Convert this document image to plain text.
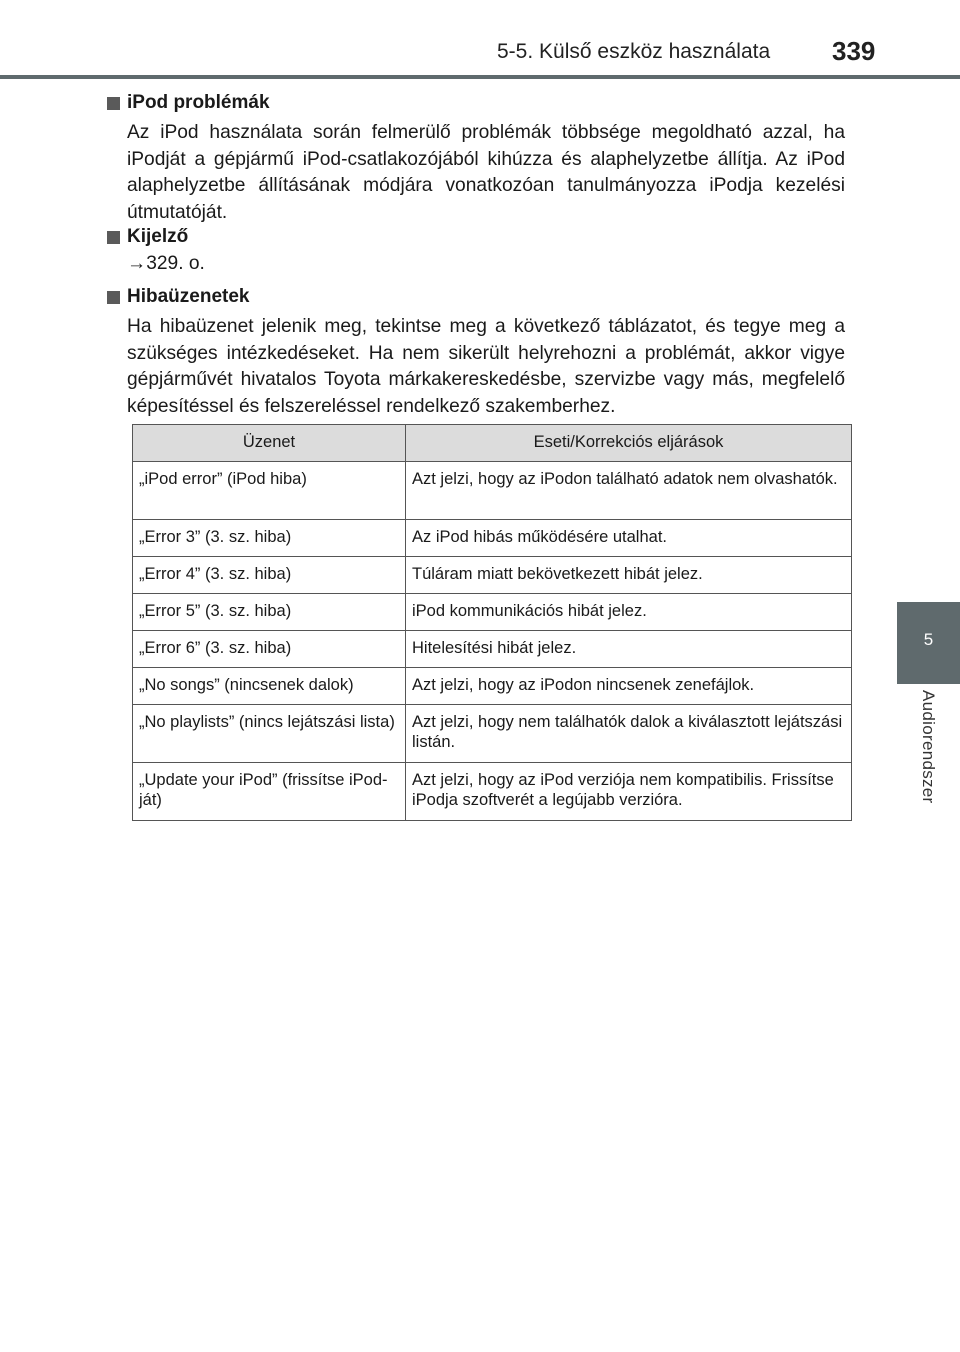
5-5. Külső eszköz használata 339
5
Audiorendszer
iPod problémák
Az iPod használata során felmerülő problémák többsége megoldható azzal, ha iPodját a gépjármű iPod-csatlakozójából kihúzza és alaphelyzetbe állítja. Az iPod alaphelyzetbe állításának módjára vonatkozóan tanulmányozza iPodja kezelési útmutatóját.
Kijelző
→329. o.
Hibaüzenetek
Ha hibaüzenet jelenik meg, tekintse meg a következő táblázatot, és tegye meg a szükséges intézkedéseket. Ha nem sikerült helyrehozni a problémát, akkor vigye gépjárművét hivatalos Toyota márkakereskedésbe, szervizbe vagy más, megfelelő képesítéssel és felszereléssel rendelkező szakemberhez.
Üzenet	Eseti/Korrekciós eljárások
„iPod error” (iPod hiba)	Azt jelzi, hogy az iPodon található adatok nem olvashatók.
„Error 3” (3. sz. hiba)	Az iPod hibás működésére utalhat.
„Error 4” (3. sz. hiba)	Túláram miatt bekövetkezett hibát jelez.
„Error 5” (3. sz. hiba)	iPod kommunikációs hibát jelez.
„Error 6” (3. sz. hiba)	Hitelesítési hibát jelez.
„No songs” (nincsenek dalok)	Azt jelzi, hogy az iPodon nincsenek zenefájlok.
„No playlists” (nincs lejátszási lista)	Azt jelzi, hogy nem találhatók dalok a kiválasztott lejátszási listán.
„Update your iPod” (frissítse iPod-ját)	Azt jelzi, hogy az iPod verziója nem kompatibilis. Frissítse iPodja szoftverét a legújabb verzióra.
